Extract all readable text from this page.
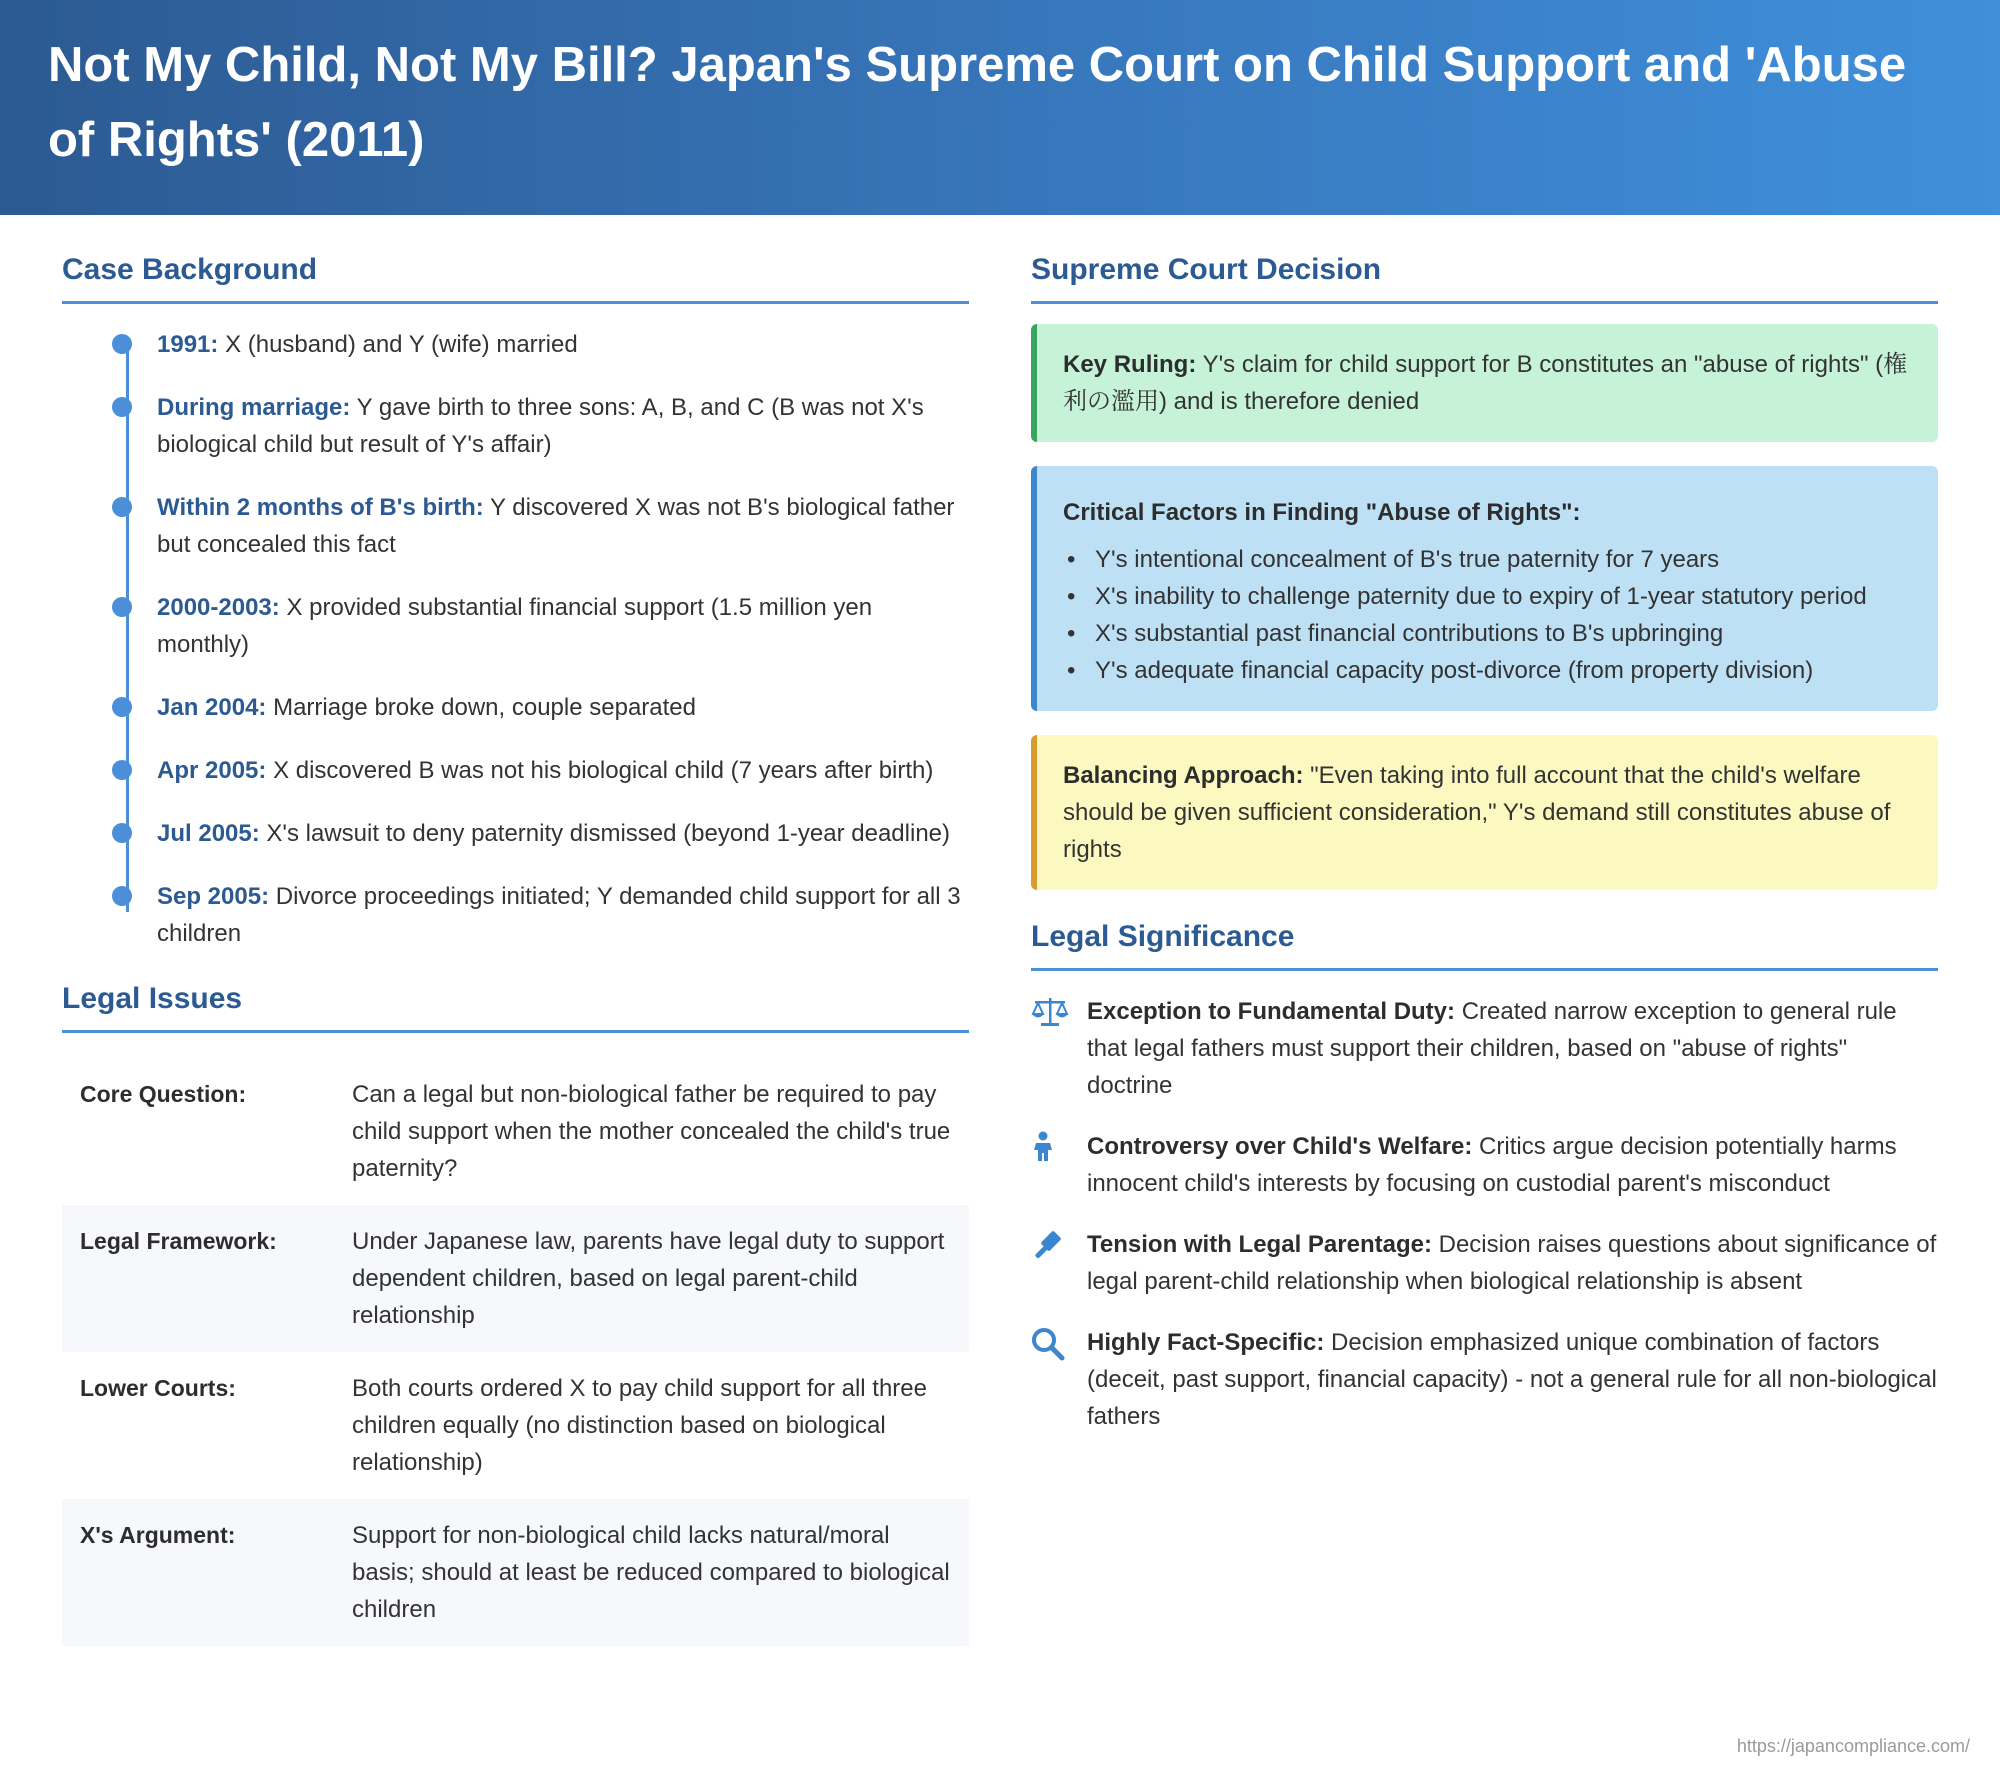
Not My Child, Not My Bill? Japan's Supreme Court on Child Support and 'Abuse of Rights' (2011)
Case Background
1991: X (husband) and Y (wife) married
During marriage: Y gave birth to three sons: A, B, and C (B was not X's biological child but result of Y's affair)
Within 2 months of B's birth: Y discovered X was not B's biological father but concealed this fact
2000-2003: X provided substantial financial support (1.5 million yen monthly)
Jan 2004: Marriage broke down, couple separated
Apr 2005: X discovered B was not his biological child (7 years after birth)
Jul 2005: X's lawsuit to deny paternity dismissed (beyond 1-year deadline)
Sep 2005: Divorce proceedings initiated; Y demanded child support for all 3 children
Legal Issues
Core Question:	Can a legal but non-biological father be required to pay child support when the mother concealed the child's true paternity?
Legal Framework:	Under Japanese law, parents have legal duty to support dependent children, based on legal parent-child relationship
Lower Courts:	Both courts ordered X to pay child support for all three children equally (no distinction based on biological relationship)
X's Argument:	Support for non-biological child lacks natural/moral basis; should at least be reduced compared to biological children
Supreme Court Decision
Key Ruling: Y's claim for child support for B constitutes an "abuse of rights" (権利の濫用) and is therefore denied
Critical Factors in Finding "Abuse of Rights":
• Y's intentional concealment of B's true paternity for 7 years
• X's inability to challenge paternity due to expiry of 1-year statutory period
• X's substantial past financial contributions to B's upbringing
• Y's adequate financial capacity post-divorce (from property division)
Balancing Approach: "Even taking into full account that the child's welfare should be given sufficient consideration," Y's demand still constitutes abuse of rights
Legal Significance
Exception to Fundamental Duty: Created narrow exception to general rule that legal fathers must support their children, based on "abuse of rights" doctrine
Controversy over Child's Welfare: Critics argue decision potentially harms innocent child's interests by focusing on custodial parent's misconduct
Tension with Legal Parentage: Decision raises questions about significance of legal parent-child relationship when biological relationship is absent
Highly Fact-Specific: Decision emphasized unique combination of factors (deceit, past support, financial capacity) - not a general rule for all non-biological fathers
https://japancompliance.com/
